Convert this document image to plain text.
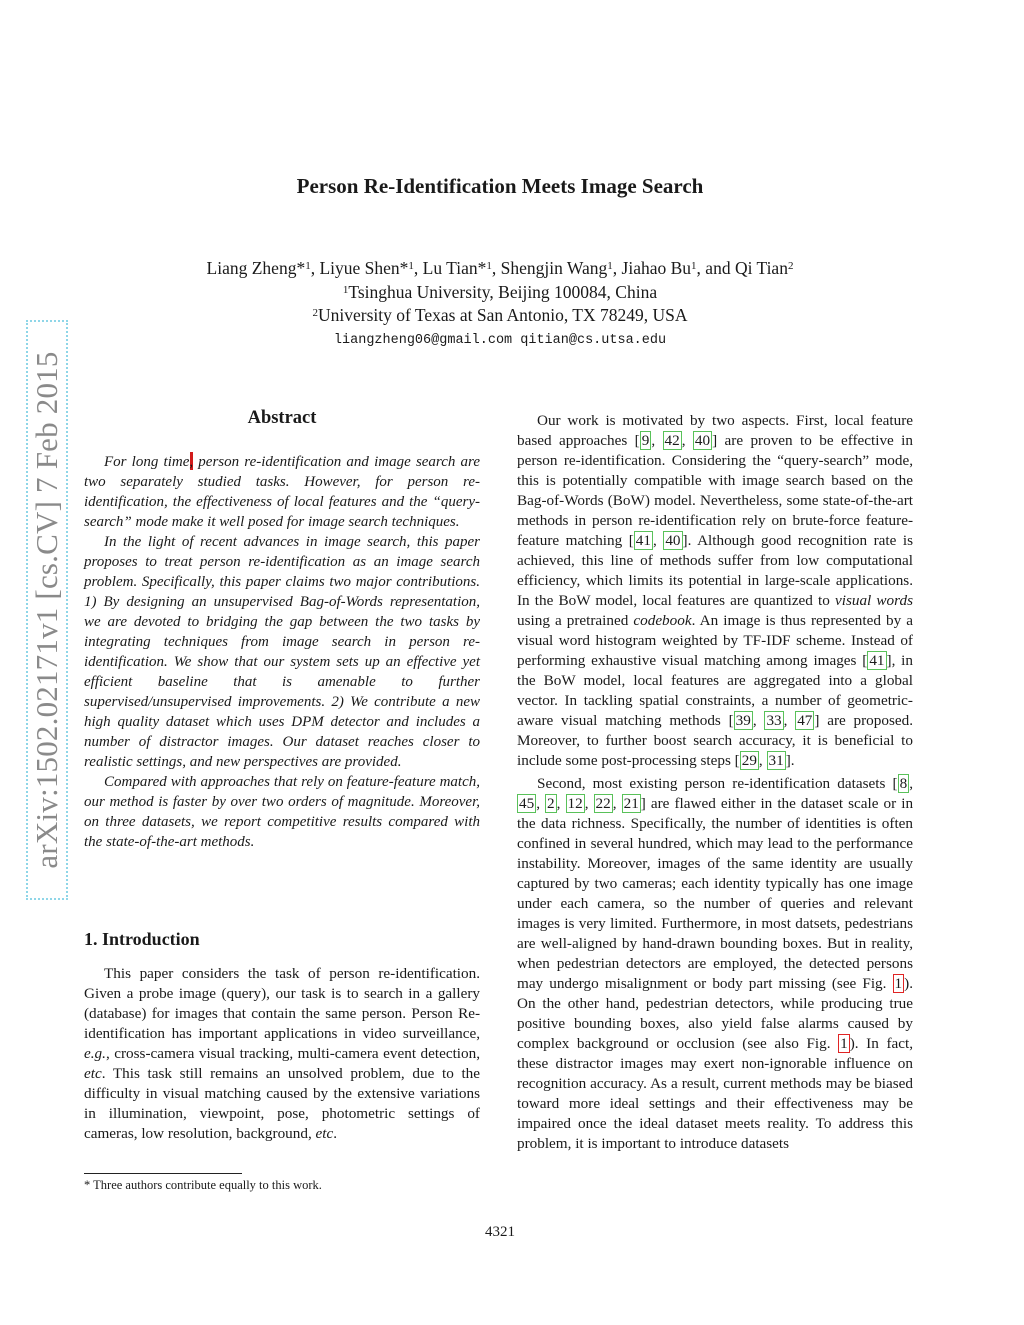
arXiv:1502.02171v1 [cs.CV] 7 Feb 2015
Person Re-Identification Meets Image Search
Liang Zheng*$^1$, Liyue Shen*$^1$, Lu Tian*$^1$, Shengjin Wang$^1$, Jiahao Bu$^1$, and Qi Tian$^2$
$^1$Tsinghua University, Beijing 100084, China
$^2$University of Texas at San Antonio, TX 78249, USA
liangzheng06@gmail.com qitian@cs.utsa.edu
Abstract

For long time, person re-identification and image search are two separately studied tasks. However, for person re-identification, the effectiveness of local features and the “query-search” mode make it well posed for image search techniques.

In the light of recent advances in image search, this paper proposes to treat person re-identification as an image search problem. Specifically, this paper claims two major contributions. 1) By designing an unsupervised Bag-of-Words representation, we are devoted to bridging the gap between the two tasks by integrating techniques from image search in person re-identification. We show that our system sets up an effective yet efficient baseline that is amenable to further supervised/unsupervised improvements. 2) We contribute a new high quality dataset which uses DPM detector and includes a number of distractor images. Our dataset reaches closer to realistic settings, and new perspectives are provided.

Compared with approaches that rely on feature-feature match, our method is faster by over two orders of magnitude. Moreover, on three datasets, we report competitive results compared with the state-of-the-art methods.

1. Introduction

This paper considers the task of person re-identification. Given a probe image (query), our task is to search in a gallery (database) for images that contain the same person. Person Re-identification has important applications in video surveillance, e.g., cross-camera visual tracking, multi-camera event detection, etc. This task still remains an unsolved problem, due to the difficulty in visual matching caused by the extensive variations in illumination, viewpoint, pose, photometric settings of cameras, low resolution, background, etc.

* Three authors contribute equally to this work.

Our work is motivated by two aspects. First, local feature based approaches [ 9 , 42 , 40 ] are proven to be effective in person re-identification. Considering the “query-search” mode, this is potentially compatible with image search based on the Bag-of-Words (BoW) model. Nevertheless, some state-of-the-art methods in person re-identification rely on brute-force feature-feature matching [ 41 , 40 ]. Although good recognition rate is achieved, this line of methods suffer from low computational efficiency, which limits its potential in large-scale applications. In the BoW model, local features are quantized to visual words using a pretrained codebook. An image is thus represented by a visual word histogram weighted by TF-IDF scheme. Instead of performing exhaustive visual matching among images [ 41 ], in the BoW model, local features are aggregated into a global vector. In tackling spatial constraints, a number of geometric-aware visual matching methods [ 39 , 33 , 47 ] are proposed. Moreover, to further boost search accuracy, it is beneficial to include some post-processing steps [ 29 , 31 ].

Second, most existing person re-identification datasets [ 8 , 45 , 2 , 12 , 22 , 21 ] are flawed either in the dataset scale or in the data richness. Specifically, the number of identities is often confined in several hundred, which may lead to the performance instability. Moreover, images of the same identity are usually captured by two cameras; each identity typically has one image under each camera, so the number of queries and relevant images is very limited. Furthermore, in most datsets, pedestrians are well-aligned by hand-drawn bounding boxes. But in reality, when pedestrian detectors are employed, the detected persons may undergo misalignment or body part missing (see Fig. 1 ). On the other hand, pedestrian detectors, while producing true positive bounding boxes, also yield false alarms caused by complex background or occlusion (see also Fig. 1 ). In fact, these distractor images may exert non-ignorable influence on recognition accuracy. As a result, current methods may be biased toward more ideal settings and their effectiveness may be impaired once the ideal dataset meets reality. To address this problem, it is important to introduce datasets

4321
